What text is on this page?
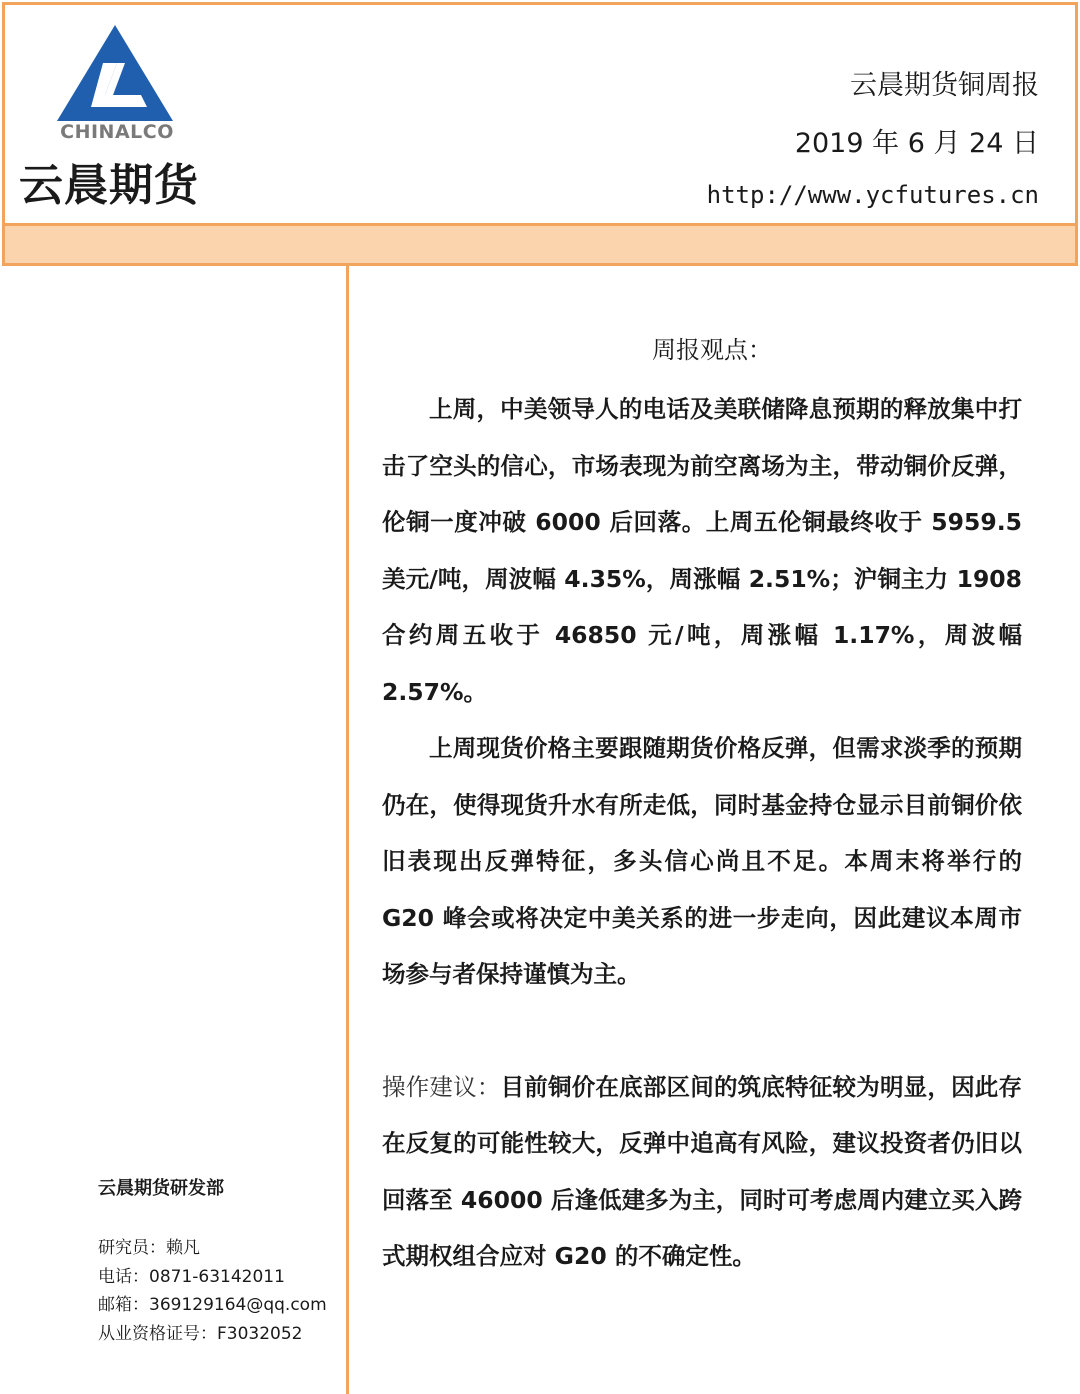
CHINALCO
云晨期货
云晨期货铜周报
2019 年 6 月 24 日
http://www.ycfutures.cn
云晨期货研发部
研究员：赖凡
电话：0871-63142011
邮箱：369129164@qq.com
从业资格证号：F3032052
周报观点：

上周，中美领导人的电话及美联储降息预期的释放集中打击了空头的信心，市场表现为前空离场为主，带动铜价反弹，伦铜一度冲破 6000 后回落。上周五伦铜最终收于 5959.5 美元/吨，周波幅 4.35%，周涨幅 2.51%；沪铜主力 1908 合约周五收于 46850 元/吨，周涨幅 1.17%，周波幅 2.57%。

上周现货价格主要跟随期货价格反弹，但需求淡季的预期仍在，使得现货升水有所走低，同时基金持仓显示目前铜价依旧表现出反弹特征，多头信心尚且不足。本周末将举行的 G20 峰会或将决定中美关系的进一步走向，因此建议本周市场参与者保持谨慎为主。

操作建议：目前铜价在底部区间的筑底特征较为明显，因此存在反复的可能性较大，反弹中追高有风险，建议投资者仍旧以回落至 46000 后逢低建多为主，同时可考虑周内建立买入跨式期权组合应对 G20 的不确定性。
